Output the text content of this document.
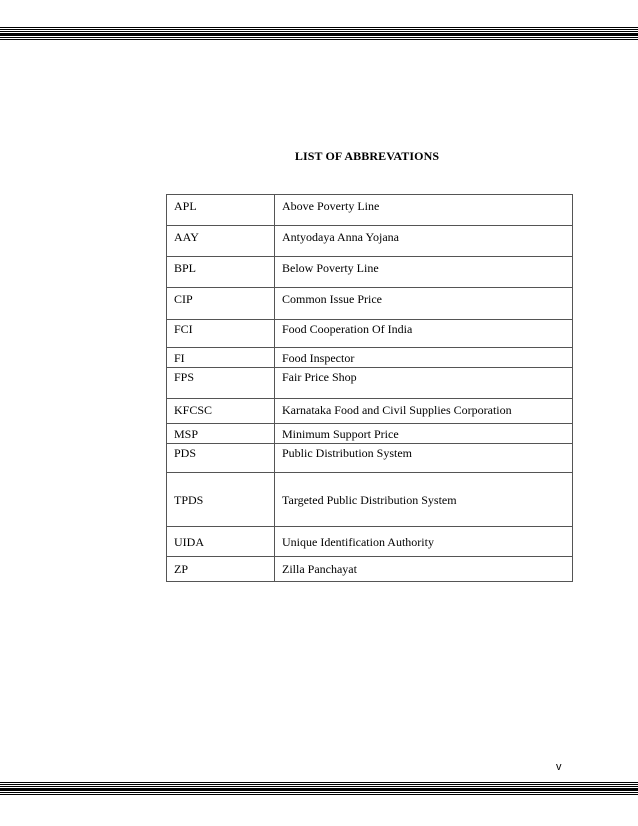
LIST OF ABBREVATIONS
APL	Above Poverty Line
AAY	Antyodaya Anna Yojana
BPL	Below Poverty Line
CIP	Common Issue Price
FCI	Food Cooperation Of India
FI	Food Inspector
FPS	Fair Price Shop
KFCSC	Karnataka Food and Civil Supplies Corporation
MSP	Minimum Support Price
PDS	Public Distribution System
TPDS	Targeted Public Distribution System
UIDA	Unique Identification Authority
ZP	Zilla Panchayat
v
